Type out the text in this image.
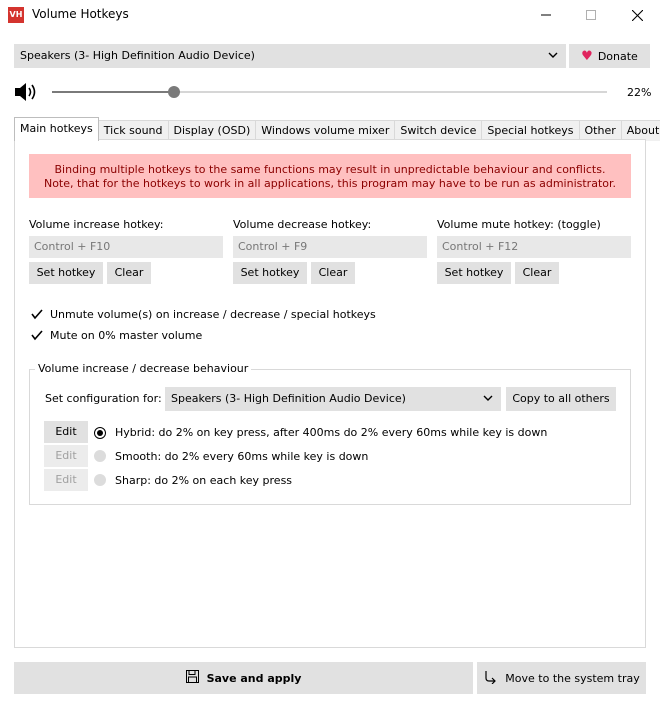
VH Volume Hotkeys
Speakers (3- High Definition Audio Device)	♥ Donate
22%
Main hotkeys	Tick sound	Display (OSD)	Windows volume mixer	Switch device	Special hotkeys	Other	About
Binding multiple hotkeys to the same functions may result in unpredictable behaviour and conflicts.
Note, that for the hotkeys to work in all applications, this program may have to be run as administrator.
Volume increase hotkey:
Control + F10
Set hotkey	Clear
Volume decrease hotkey:
Control + F9
Set hotkey	Clear
Volume mute hotkey: (toggle)
Control + F12
Set hotkey	Clear
Unmute volume(s) on increase / decrease / special hotkeys
Mute on 0% master volume
Volume increase / decrease behaviour
Set configuration for: Speakers (3- High Definition Audio Device)	Copy to all others
Edit	Hybrid: do 2% on key press, after 400ms do 2% every 60ms while key is down
Edit	Smooth: do 2% every 60ms while key is down
Edit	Sharp: do 2% on each key press
Save and apply	Move to the system tray
